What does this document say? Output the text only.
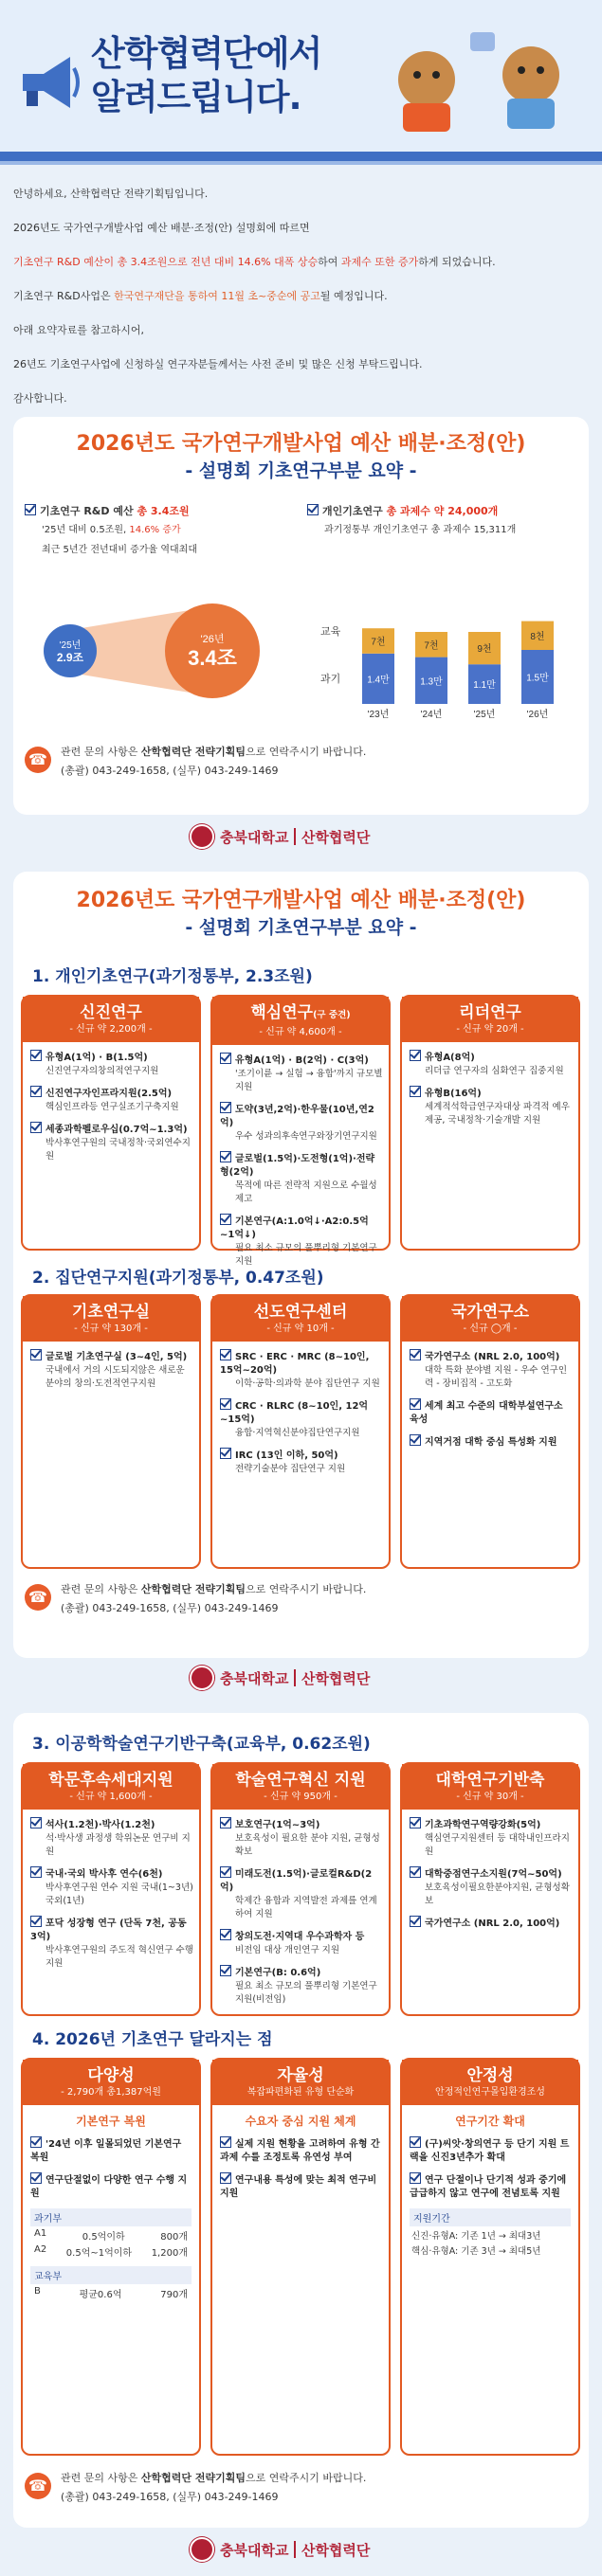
산학협력단에서
알려드립니다.

안녕하세요, 산학협력단 전략기획팀입니다.

2026년도 국가연구개발사업 예산 배분·조정(안) 설명회에 따르면

기초연구 R&D 예산이 총 3.4조원으로 전년 대비 14.6% 대폭 상승하여 과제수 또한 증가하게 되었습니다.

기초연구 R&D사업은 한국연구재단을 통하여 11월 초~중순에 공고될 예정입니다.

아래 요약자료를 참고하시어,

26년도 기초연구사업에 신청하실 연구자분들께서는 사전 준비 및 많은 신청 부탁드립니다.

감사합니다.

2026년도 국가연구개발사업 예산 배분·조정(안)
- 설명회 기초연구부분 요약 -
기초연구 R&D 예산 총 3.4조원
'25년 대비 0.5조원, 14.6% 증가
최근 5년간 전년대비 증가율 역대최대
개인기초연구 총 과제수 약 24,000개
과기정통부 개인기초연구 총 과제수 15,311개
'25년
2.9조
'26년
3.4조
교육
과기	1.4만
7천
'23년
1.3만
7천
'24년
1.1만
9천
'25년
1.5만
8천
'26년
☎	관련 문의 사항은 산학협력단 전략기획팀으로 연락주시기 바랍니다.
(총괄) 043-249-1658, (실무) 043-249-1469
충북대학교 산학협력단
2026년도 국가연구개발사업 예산 배분·조정(안)
- 설명회 기초연구부분 요약 -
1. 개인기초연구(과기정통부, 2.3조원)
신진연구
- 신규 약 2,200개 -
유형A(1억) · B(1.5억)
신진연구자의창의적연구지원
신진연구자인프라지원(2.5억)
핵심인프라등 연구실조기구축지원
세종과학펠로우십(0.7억~1.3억)
박사후연구원의 국내정착·국외연수지원
핵심연구(구 중견)
- 신규 약 4,600개 -
유형A(1억) · B(2억) · C(3억)
'조기이륜 → 실험 → 융합'까지 규모별 지원
도약(3년,2억)·한우물(10년,연2억)
우수 성과의후속연구와장기연구지원
글로벌(1.5억)·도전형(1억)·전략형(2억)
목적에 따른 전략적 지원으로 수월성 제고
기본연구(A:1.0억↓·A2:0.5억~1억↓)
필요 최소 규모의 풀뿌리형 기본연구 지원
리더연구
- 신규 약 20개 -
유형A(8억)
리더급 연구자의 심화연구 집중지원
유형B(16억)
세계적석학급연구자대상 파격적 예우제공, 국내정착·기술개발 지원
2. 집단연구지원(과기정통부, 0.47조원)
기초연구실
- 신규 약 130개 -
글로벌 기초연구실 (3~4인, 5억)
국내에서 거의 시도되지않은 새로운 분야의 창의·도전적연구지원
선도연구센터
- 신규 약 10개 -
SRC · ERC · MRC (8~10인, 15억~20억)
이학·공학·의과학 분야 집단연구 지원
CRC · RLRC (8~10인, 12억~15억)
융합·지역혁신분야집단연구지원
IRC (13인 이하, 50억)
전략기술분야 집단연구 지원
국가연구소
- 신규 ◯개 -
국가연구소 (NRL 2.0, 100억)
대학 특화 분야별 지원 - 우수 연구인력 - 장비집적 - 고도화
세계 최고 수준의 대학부설연구소 육성
지역거점 대학 중심 특성화 지원
☎	관련 문의 사항은 산학협력단 전략기획팀으로 연락주시기 바랍니다.
(총괄) 043-249-1658, (실무) 043-249-1469
충북대학교 산학협력단
3. 이공학학술연구기반구축(교육부, 0.62조원)
학문후속세대지원
- 신규 약 1,600개 -
석사(1.2천)·박사(1.2천)
석·박사생 과정생 학위논문 연구비 지원
국내·국외 박사후 연수(6천)
박사후연구원 연수 지원 국내(1~3년) 국외(1년)
포닥 성장형 연구 (단독 7천, 공동 3억)
박사후연구원의 주도적 혁신연구 수행 지원
학술연구혁신 지원
- 신규 약 950개 -
보호연구(1억~3억)
보호육성이 필요한 분야 지원, 균형성확보
미래도전(1.5억)·글로컬R&D(2억)
학제간 융합과 지역발전 과제를 연계하여 지원
창의도전·지역대 우수과학자 등
비전임 대상 개인연구 지원
기본연구(B: 0.6억)
필요 최소 규모의 풀뿌리형 기본연구 지원(비전임)
대학연구기반축
- 신규 약 30개 -
기초과학연구역량강화(5억)
핵심연구지원센터 등 대학내인프라지원
대학중점연구소지원(7억~50억)
보호육성이필요한분야지원, 균형성확보
국가연구소 (NRL 2.0, 100억)
4. 2026년 기초연구 달라지는 점
다양성
- 2,790개 총1,387억원
기본연구 복원
'24년 이후 일몰되었던 기본연구 복원
연구단절없이 다양한 연구 수행 지원
과기부
A1	0.5억이하	800개
A2 0.5억~1억이하 1,200개
교육부
B	평균0.6억	790개
자율성
복잡파편화된 유형 단순화
수요자 중심 지원 체계
실제 지원 현황을 고려하여 유형 간 과제 수를 조정토록 유연성 부여
연구내용 특성에 맞는 최적 연구비 지원
안정성
안정적인연구몰입환경조성
연구기간 확대
(구)씨앗·창의연구 등 단기 지원 트랙을 신진3년추가 확대
연구 단절이나 단기적 성과 중기에 급급하지 않고 연구에 전념토록 지원
지원기간
신진·유형A: 기존 1년 → 최대3년
핵심·유형A: 기존 3년 → 최대5년
☎	관련 문의 사항은 산학협력단 전략기획팀으로 연락주시기 바랍니다.
(총괄) 043-249-1658, (실무) 043-249-1469
충북대학교 산학협력단
